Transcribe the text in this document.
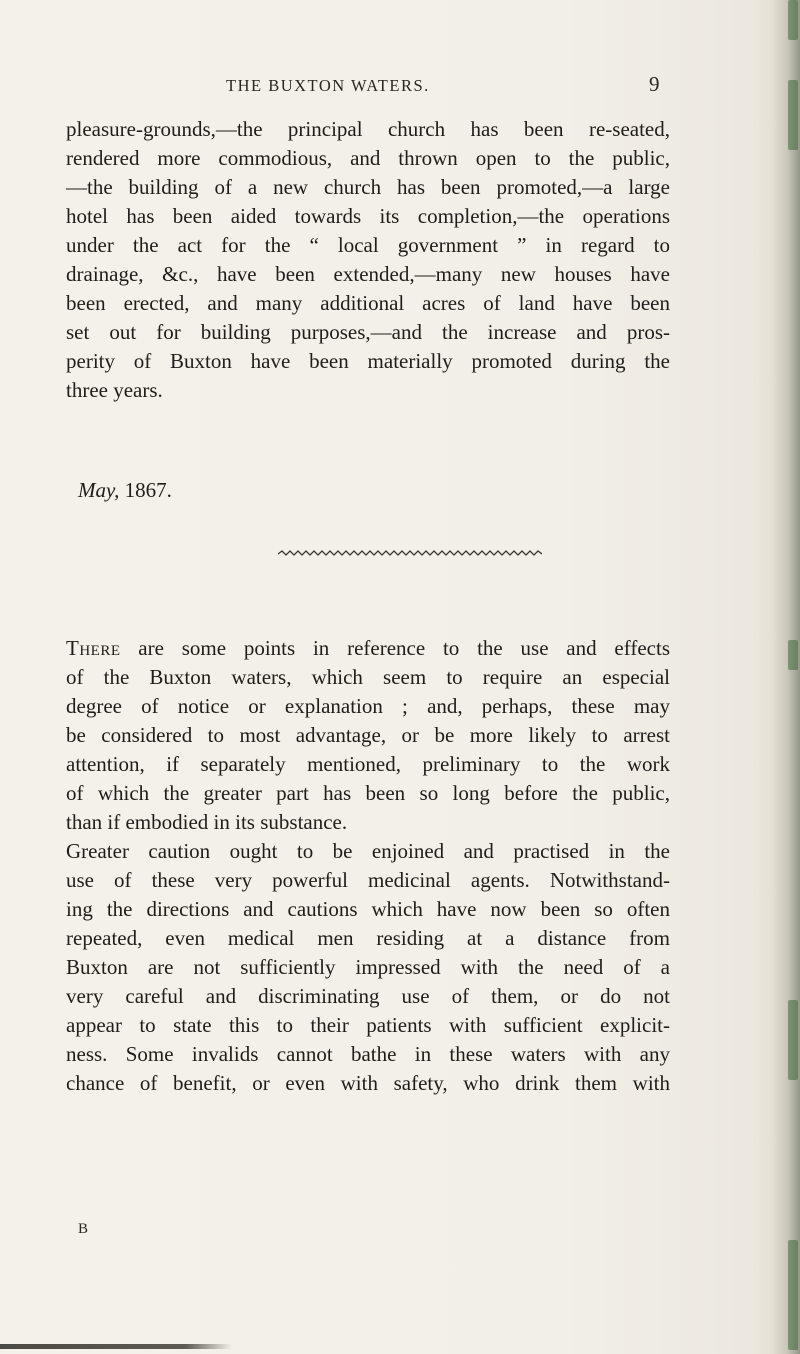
THE BUXTON WATERS.	9
pleasure-grounds,—the principal church has been re-seated,
rendered more commodious, and thrown open to the public,
—the building of a new church has been promoted,—a large
hotel has been aided towards its completion,—the operations
under the act for the “ local government ” in regard to
drainage, &c., have been extended,—many new houses have
been erected, and many additional acres of land have been
set out for building purposes,—and the increase and pros-
perity of Buxton have been materially promoted during the
three years.
May, 1867.
There are some points in reference to the use and effects
of the Buxton waters, which seem to require an especial
degree of notice or explanation ; and, perhaps, these may
be considered to most advantage, or be more likely to arrest
attention, if separately mentioned, preliminary to the work
of which the greater part has been so long before the public,
than if embodied in its substance.
Greater caution ought to be enjoined and practised in the
use of these very powerful medicinal agents. Notwithstand-
ing the directions and cautions which have now been so often
repeated, even medical men residing at a distance from
Buxton are not sufficiently impressed with the need of a
very careful and discriminating use of them, or do not
appear to state this to their patients with sufficient explicit-
ness. Some invalids cannot bathe in these waters with any
chance of benefit, or even with safety, who drink them with
B
